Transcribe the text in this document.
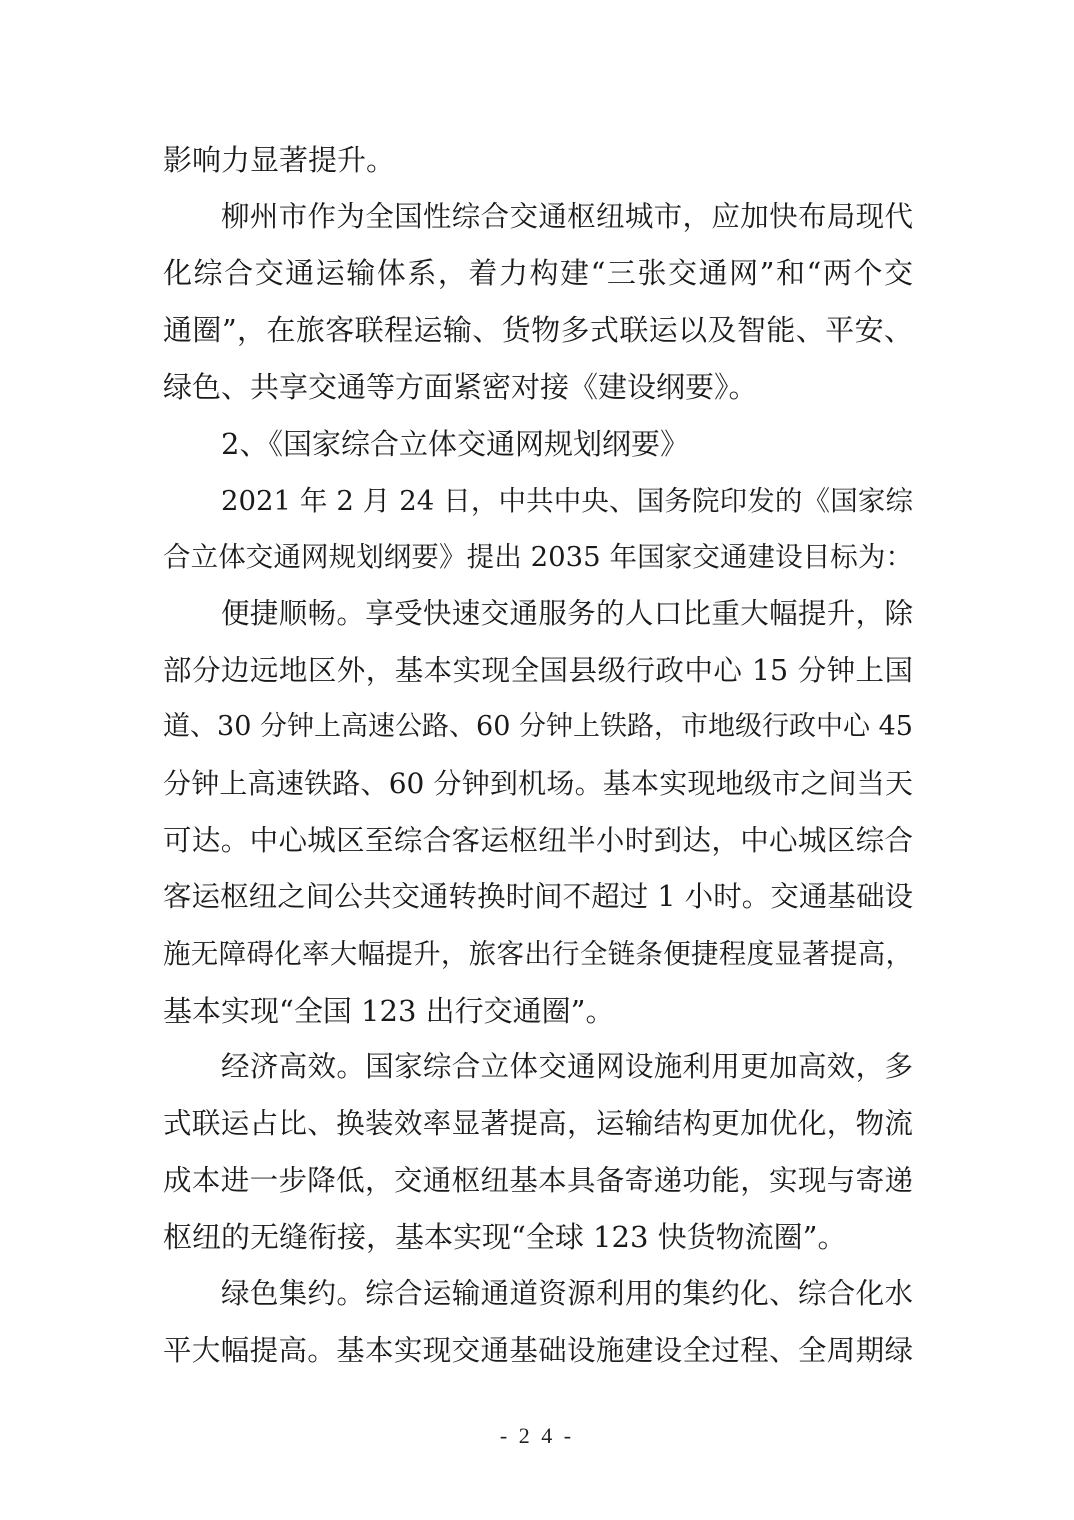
影响力显著提升。
柳州市作为全国性综合交通枢纽城市，应加快布局现代
化综合交通运输体系，着力构建“三张交通网”和“两个交
通圈”，在旅客联程运输、货物多式联运以及智能、平安、
绿色、共享交通等方面紧密对接《建设纲要》。
2、《国家综合立体交通网规划纲要》
2021 年 2 月 24 日，中共中央、国务院印发的《国家综
合立体交通网规划纲要》提出 2035 年国家交通建设目标为：
便捷顺畅。享受快速交通服务的人口比重大幅提升，除
部分边远地区外，基本实现全国县级行政中心 15 分钟上国
道、30 分钟上高速公路、60 分钟上铁路，市地级行政中心 45
分钟上高速铁路、60 分钟到机场。基本实现地级市之间当天
可达。中心城区至综合客运枢纽半小时到达，中心城区综合
客运枢纽之间公共交通转换时间不超过 1 小时。交通基础设
施无障碍化率大幅提升，旅客出行全链条便捷程度显著提高，
基本实现“全国 123 出行交通圈”。
经济高效。国家综合立体交通网设施利用更加高效，多
式联运占比、换装效率显著提高，运输结构更加优化，物流
成本进一步降低，交通枢纽基本具备寄递功能，实现与寄递
枢纽的无缝衔接，基本实现“全球 123 快货物流圈”。
绿色集约。综合运输通道资源利用的集约化、综合化水
平大幅提高。基本实现交通基础设施建设全过程、全周期绿
- 2 4 -
